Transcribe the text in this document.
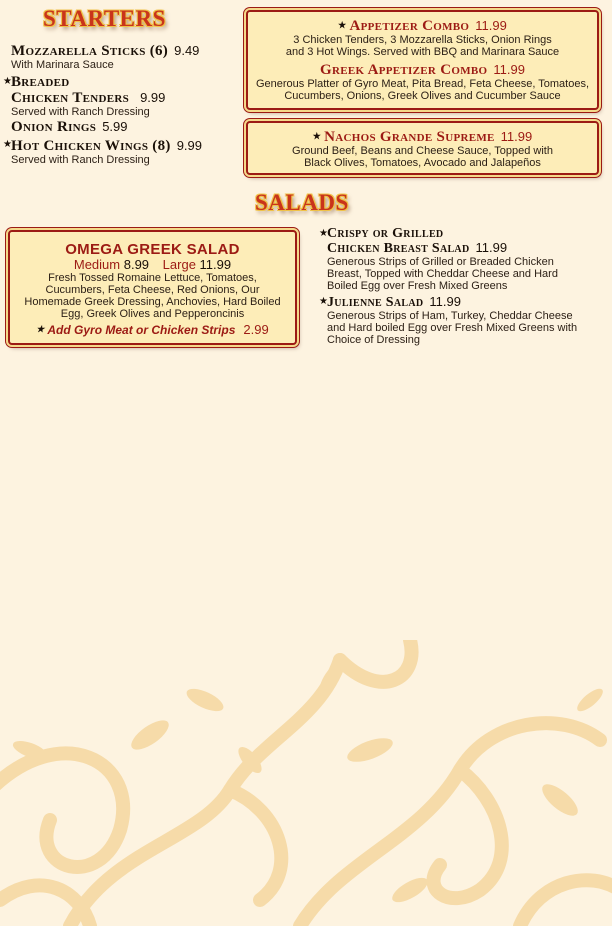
STARTERS
Mozzarella Sticks (6) 9.49
With Marinara Sauce
★ Breaded
Chicken Tenders 9.99
Served with Ranch Dressing
Onion Rings 5.99
★ Hot Chicken Wings (8) 9.99
Served with Ranch Dressing
★ Appetizer Combo 11.99
3 Chicken Tenders, 3 Mozzarella Sticks, Onion Rings
and 3 Hot Wings. Served with BBQ and Marinara Sauce
Greek Appetizer Combo 11.99
Generous Platter of Gyro Meat, Pita Bread, Feta Cheese, Tomatoes,
Cucumbers, Onions, Greek Olives and Cucumber Sauce
★ Nachos Grande Supreme 11.99
Ground Beef, Beans and Cheese Sauce, Topped with
Black Olives, Tomatoes, Avocado and Jalapeños
SALADS
OMEGA GREEK SALAD
Medium 8.99 Large 11.99
Fresh Tossed Romaine Lettuce, Tomatoes,
Cucumbers, Feta Cheese, Red Onions, Our
Homemade Greek Dressing, Anchovies, Hard Boiled
Egg, Greek Olives and Pepperoncinis
★ Add Gyro Meat or Chicken Strips 2.99
★ Crispy or Grilled
Chicken Breast Salad 11.99
Generous Strips of Grilled or Breaded Chicken
Breast, Topped with Cheddar Cheese and Hard
Boiled Egg over Fresh Mixed Greens
★ Julienne Salad 11.99
Generous Strips of Ham, Turkey, Cheddar Cheese
and Hard boiled Egg over Fresh Mixed Greens with
Choice of Dressing
